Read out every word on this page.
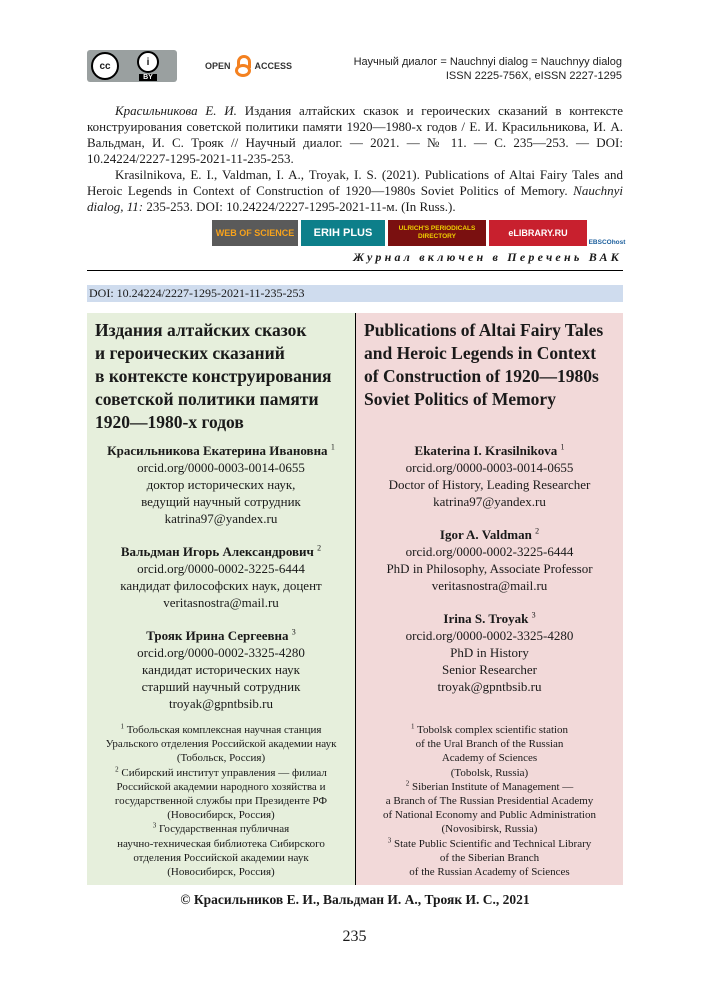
cc	i
BY
OPEN	ACCESS	Научный диалог = Nauchnyi dialog = Nauchnyy dialog
ISSN 2225-756X, eISSN 2227-1295

Красильникова Е. И. Издания алтайских сказок и героических сказаний в контексте конструирования советской политики памяти 1920—1980-х годов / Е. И. Красильникова, И. А. Вальдман, И. С. Трояк // Научный диалог. — 2021. — № 11. — С. 235—253. — DOI: 10.24224/2227-1295-2021-11-235-253.

Krasilnikova, E. I., Valdman, I. A., Troyak, I. S. (2021). Publications of Altai Fairy Tales and Heroic Legends in Context of Construction of 1920—1980s Soviet Politics of Memory. Nauchnyi dialog, 11: 235-253. DOI: 10.24224/2227-1295-2021-11-м. (In Russ.).

WEB OF SCIENCE	ERIH PLUS	ULRICH'S PERIODICALS DIRECTORY	eLIBRARY.RU
EBSCOhost
Журнал включен в Перечень ВАК
DOI: 10.24224/2227-1295-2021-11-235-253
Издания алтайских сказок
и героических сказаний
в контексте конструирования
советской политики памяти
1920—1980-х годов
Publications of Altai Fairy Tales
and Heroic Legends in Context
of Construction of 1920—1980s
Soviet Politics of Memory
Красильникова Екатерина Ивановна $^1$
orcid.org/0000-0003-0014-0655
доктор исторических наук,
ведущий научный сотрудник
katrina97@yandex.ru
Вальдман Игорь Александрович $^2$
orcid.org/0000-0002-3225-6444
кандидат философских наук, доцент
veritasnostra@mail.ru
Трояк Ирина Сергеевна $^3$
orcid.org/0000-0002-3325-4280
кандидат исторических наук
старший научный сотрудник
troyak@gpntbsib.ru
Ekaterina I. Krasilnikova $^1$
orcid.org/0000-0003-0014-0655
Doctor of History, Leading Researcher
katrina97@yandex.ru
Igor A. Valdman $^2$
orcid.org/0000-0002-3225-6444
PhD in Philosophy, Associate Professor
veritasnostra@mail.ru
Irina S. Troyak $^3$
orcid.org/0000-0002-3325-4280
PhD in History
Senior Researcher
troyak@gpntbsib.ru
$^1$ Тобольская комплексная научная станция
Уральского отделения Российской академии наук
(Тобольск, Россия)
$^2$ Сибирский институт управления — филиал
Российской академии народного хозяйства и
государственной службы при Президенте РФ
(Новосибирск, Россия)
$^3$ Государственная публичная
научно-техническая библиотека Сибирского
отделения Российской академии наук
(Новосибирск, Россия)
$^1$ Tobolsk complex scientific station
of the Ural Branch of the Russian
Academy of Sciences
(Tobolsk, Russia)
$^2$ Siberian Institute of Management —
a Branch of The Russian Presidential Academy
of National Economy and Public Administration
(Novosibirsk, Russia)
$^3$ State Public Scientific and Technical Library
of the Siberian Branch
of the Russian Academy of Sciences
© Красильников Е. И., Вальдман И. А., Трояк И. С., 2021
235
